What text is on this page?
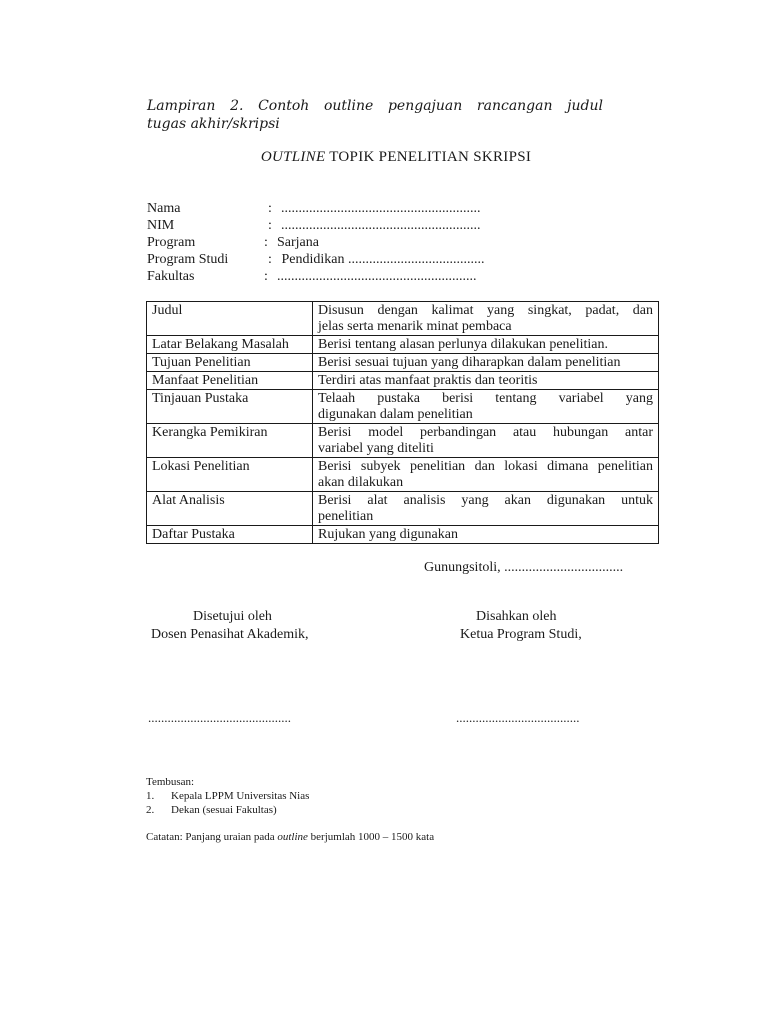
Lampiran 2. Contoh outline pengajuan rancangan judul
tugas akhir/skripsi
OUTLINE TOPIK PENELITIAN SKRIPSI
Nama	: .........................................................
NIM	: .........................................................
Program	: Sarjana
Program Studi	: Pendidikan .......................................
Fakultas	: .........................................................
Judul	Disusun dengan kalimat yang singkat, padat, dan
jelas serta menarik minat pembaca
Latar Belakang Masalah	Berisi tentang alasan perlunya dilakukan penelitian.
Tujuan Penelitian	Berisi sesuai tujuan yang diharapkan dalam penelitian
Manfaat Penelitian	Terdiri atas manfaat praktis dan teoritis
Tinjauan Pustaka	Telaah pustaka berisi tentang variabel yang
digunakan dalam penelitian
Kerangka Pemikiran	Berisi model perbandingan atau hubungan antar
variabel yang diteliti
Lokasi Penelitian	Berisi subyek penelitian dan lokasi dimana penelitian
akan dilakukan
Alat Analisis	Berisi alat analisis yang akan digunakan untuk
penelitian
Daftar Pustaka	Rujukan yang digunakan
Gunungsitoli, ..................................
Disetujui oleh
Dosen Penasihat Akademik,
Disahkan oleh
Ketua Program Studi,
............................................	......................................
Tembusan:
1. Kepala LPPM Universitas Nias
2. Dekan (sesuai Fakultas)
Catatan: Panjang uraian pada outline berjumlah 1000 – 1500 kata
